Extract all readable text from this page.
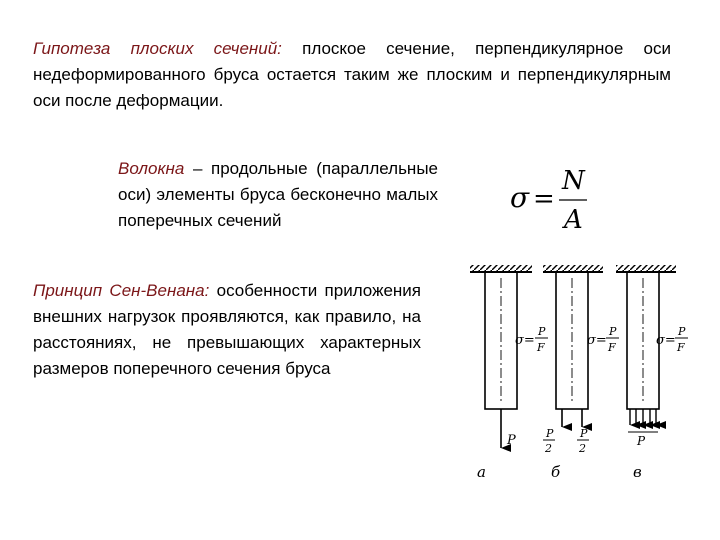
Гипотеза плоских сечений: плоское сечение, перпендикулярное оси недеформированного бруса остается таким же плоским и перпендикулярным оси после деформации.

Волокна – продольные (параллельные оси) элементы бруса бесконечно малых поперечных сечений

Принцип Сен-Венана: особенности приложения внешних нагрузок проявляются, как правило, на расстояниях, не превышающих характерных размеров поперечного сечения бруса

σ =
N
A
P
а
σ=
P
F
P
2
P
2
б
σ=
P
F
P
в
σ=
P
F
